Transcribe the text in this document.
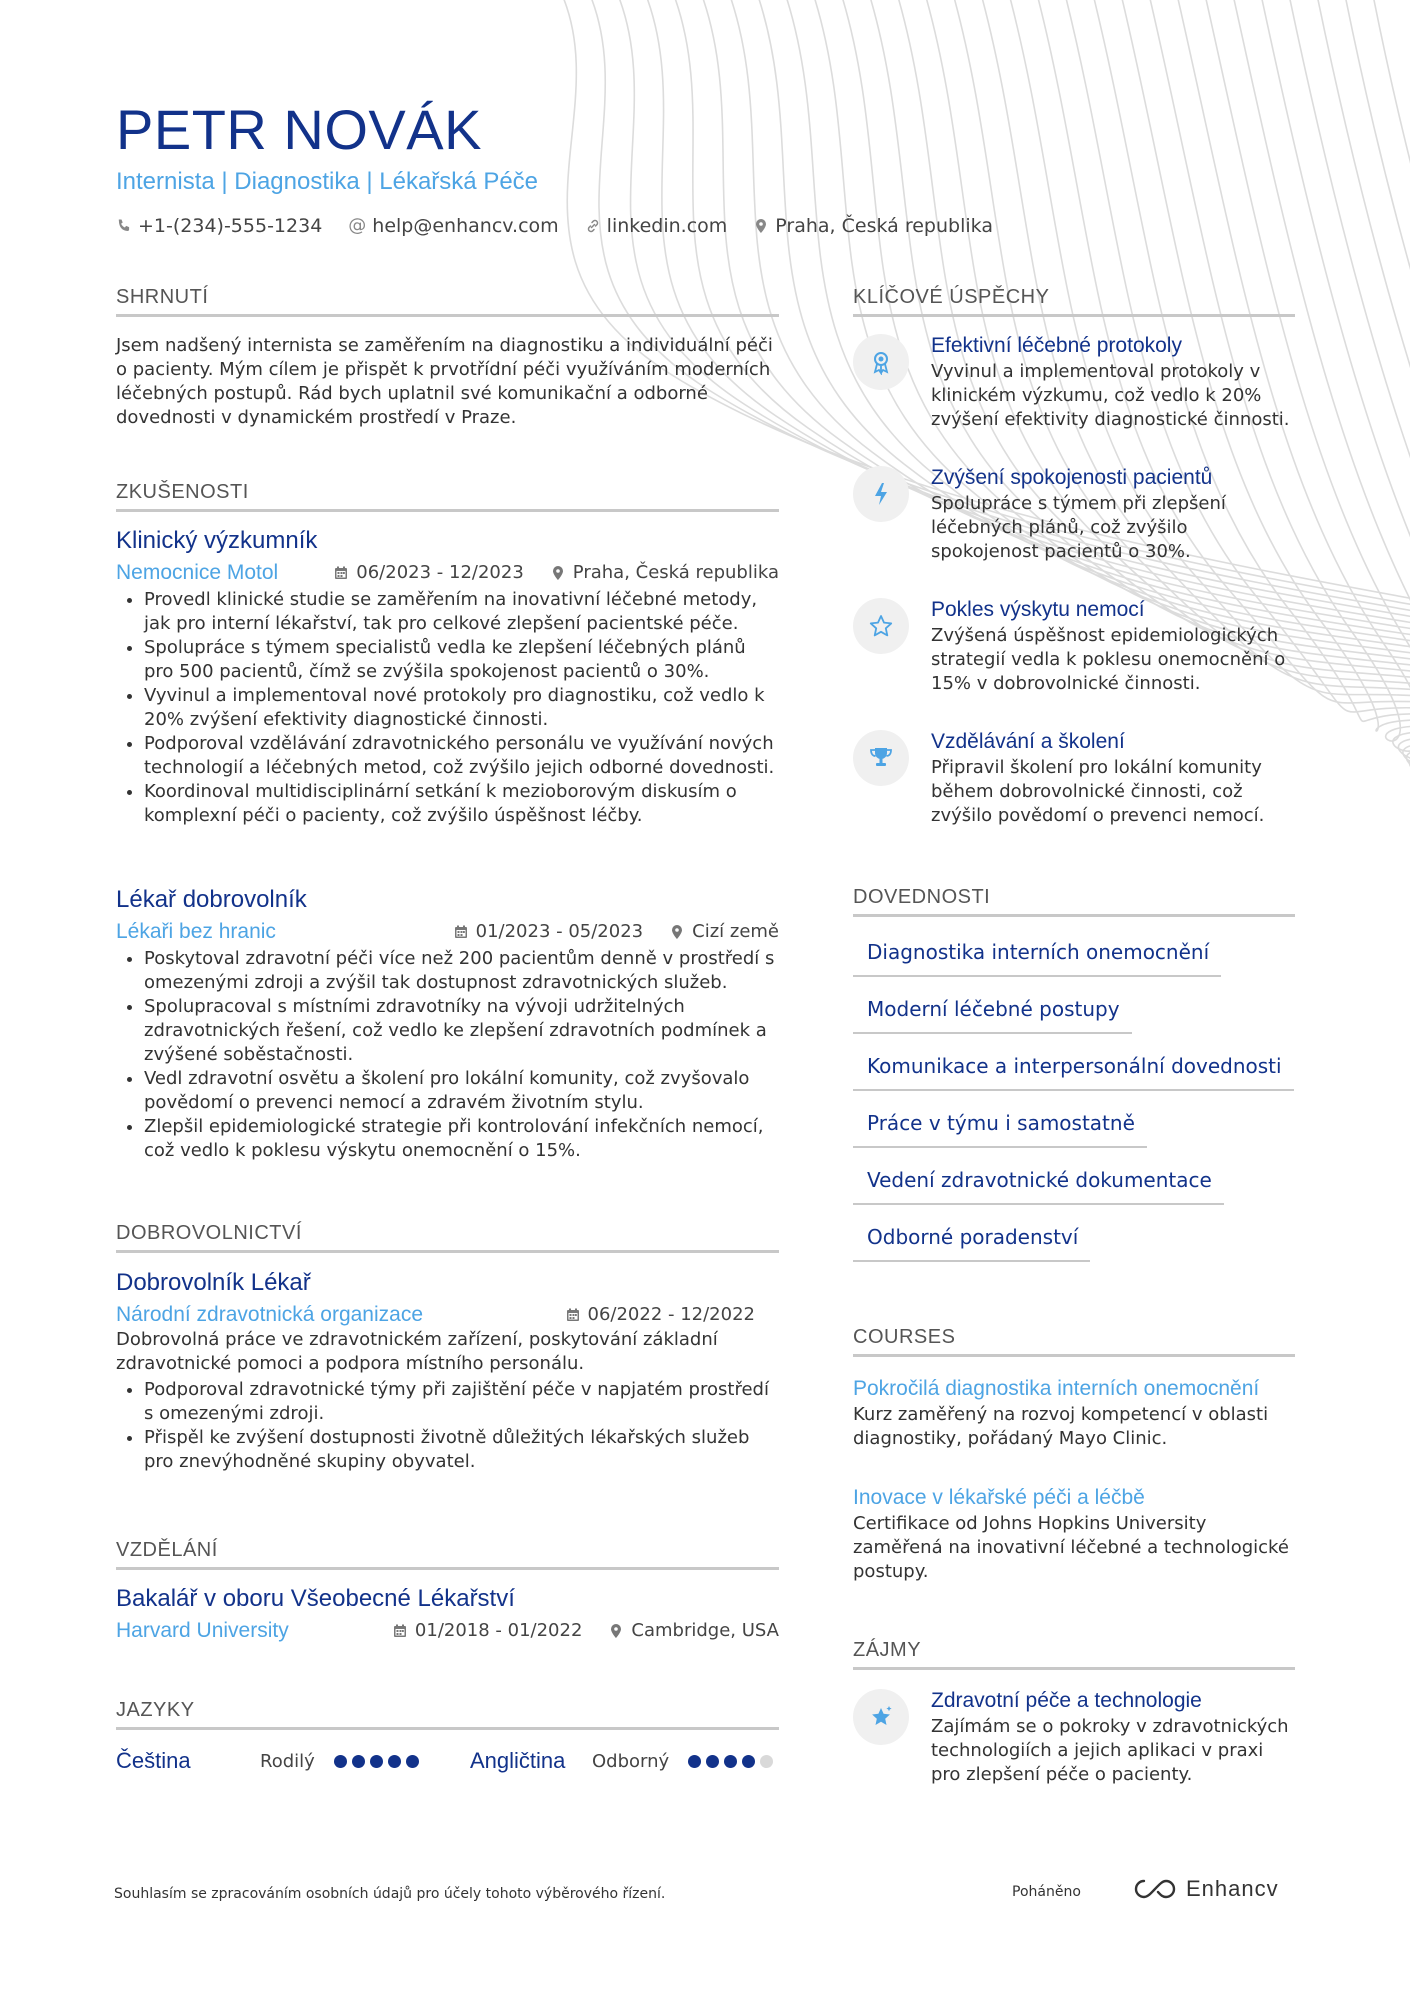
PETR NOVÁK
Internista | Diagnostika | Lékařská Péče
+1-(234)-555-1234 @ help@enhancv.com	linkedin.com	Praha, Česká republika
SHRNUTÍ
Jsem nadšený internista se zaměřením na diagnostiku a individuální péči o pacienty. Mým cílem je přispět k prvotřídní péči využíváním moderních léčebných postupů. Rád bych uplatnil své komunikační a odborné dovednosti v dynamickém prostředí v Praze.
ZKUŠENOSTI
Klinický výzkumník
Nemocnice Motol	06/2023 - 12/2023	Praha, Česká republika
• Provedl klinické studie se zaměřením na inovativní léčebné metody, jak pro interní lékařství, tak pro celkové zlepšení pacientské péče.
• Spolupráce s týmem specialistů vedla ke zlepšení léčebných plánů pro 500 pacientů, čímž se zvýšila spokojenost pacientů o 30%.
• Vyvinul a implementoval nové protokoly pro diagnostiku, což vedlo k 20% zvýšení efektivity diagnostické činnosti.
• Podporoval vzdělávání zdravotnického personálu ve využívání nových technologií a léčebných metod, což zvýšilo jejich odborné dovednosti.
• Koordinoval multidisciplinární setkání k mezioborovým diskusím o komplexní péči o pacienty, což zvýšilo úspěšnost léčby.
Lékař dobrovolník
Lékaři bez hranic	01/2023 - 05/2023	Cizí země
• Poskytoval zdravotní péči více než 200 pacientům denně v prostředí s omezenými zdroji a zvýšil tak dostupnost zdravotnických služeb.
• Spolupracoval s místními zdravotníky na vývoji udržitelných zdravotnických řešení, což vedlo ke zlepšení zdravotních podmínek a zvýšené soběstačnosti.
• Vedl zdravotní osvětu a školení pro lokální komunity, což zvyšovalo povědomí o prevenci nemocí a zdravém životním stylu.
• Zlepšil epidemiologické strategie při kontrolování infekčních nemocí, což vedlo k poklesu výskytu onemocnění o 15%.
DOBROVOLNICTVÍ
Dobrovolník Lékař
Národní zdravotnická organizace	06/2022 - 12/2022
Dobrovolná práce ve zdravotnickém zařízení, poskytování základní zdravotnické pomoci a podpora místního personálu.
• Podporoval zdravotnické týmy při zajištění péče v napjatém prostředí s omezenými zdroji.
• Přispěl ke zvýšení dostupnosti životně důležitých lékařských služeb pro znevýhodněné skupiny obyvatel.
VZDĚLÁNÍ
Bakalář v oboru Všeobecné Lékařství
Harvard University	01/2018 - 01/2022	Cambridge, USA
JAZYKY
Čeština	Rodilý	Angličtina	Odborný
KLÍČOVÉ ÚSPĚCHY
Efektivní léčebné protokoly
Vyvinul a implementoval protokoly v klinickém výzkumu, což vedlo k 20% zvýšení efektivity diagnostické činnosti.
Zvýšení spokojenosti pacientů
Spolupráce s týmem při zlepšení léčebných plánů, což zvýšilo spokojenost pacientů o 30%.
Pokles výskytu nemocí
Zvýšená úspěšnost epidemiologických strategií vedla k poklesu onemocnění o 15% v dobrovolnické činnosti.
Vzdělávání a školení
Připravil školení pro lokální komunity během dobrovolnické činnosti, což zvýšilo povědomí o prevenci nemocí.
DOVEDNOSTI
Diagnostika interních onemocnění
Moderní léčebné postupy
Komunikace a interpersonální dovednosti
Práce v týmu i samostatně
Vedení zdravotnické dokumentace
Odborné poradenství
COURSES
Pokročilá diagnostika interních onemocnění
Kurz zaměřený na rozvoj kompetencí v oblasti diagnostiky, pořádaný Mayo Clinic.
Inovace v lékařské péči a léčbě
Certifikace od Johns Hopkins University zaměřená na inovativní léčebné a technologické postupy.
ZÁJMY
Zdravotní péče a technologie
Zajímám se o pokroky v zdravotnických technologiích a jejich aplikaci v praxi pro zlepšení péče o pacienty.
Souhlasím se zpracováním osobních údajů pro účely tohoto výběrového řízení.	Poháněno	Enhancv
